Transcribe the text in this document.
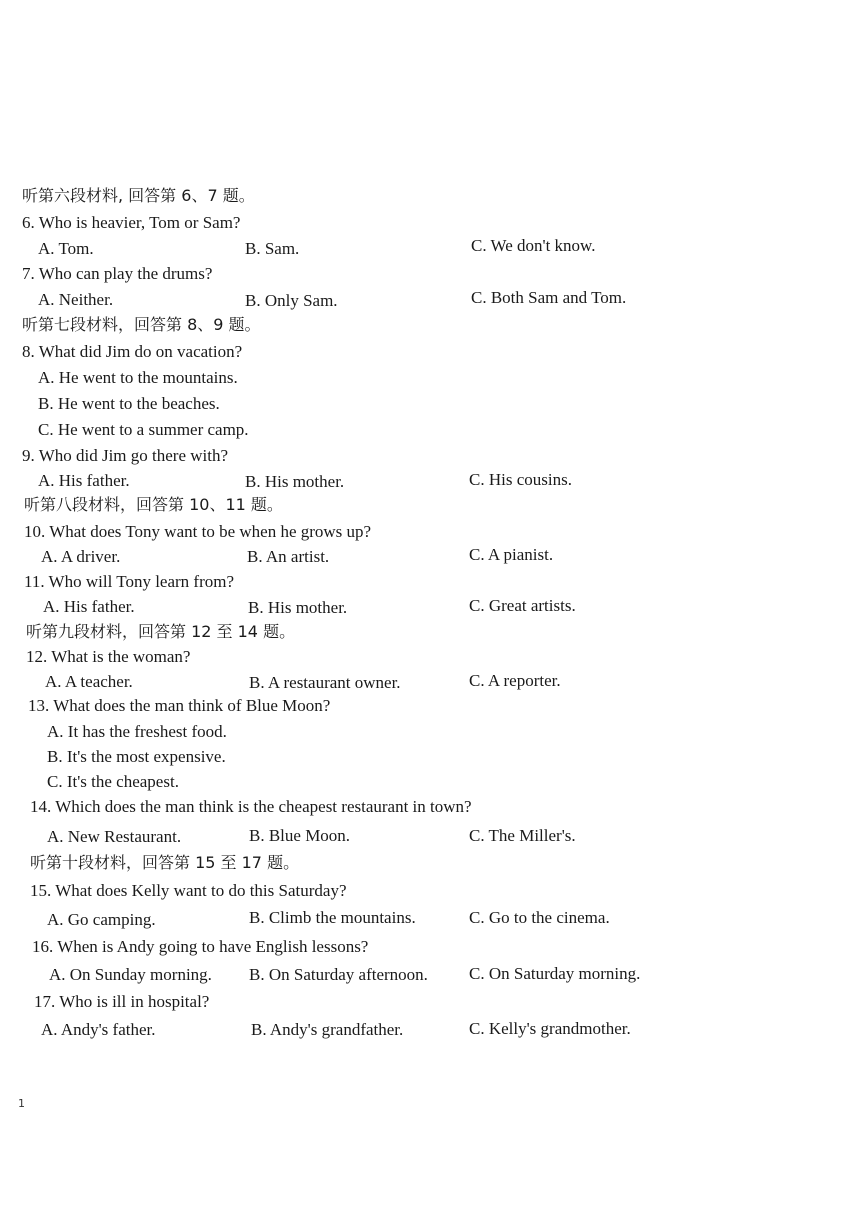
听第六段材料, 回答第 6、7 题。
6. Who is heavier, Tom or Sam?
A. Tom.	B. Sam.	C. We don't know.
7. Who can play the drums?
A. Neither.	B. Only Sam.	C. Both Sam and Tom.
听第七段材料，回答第 8、9 题。
8. What did Jim do on vacation?
A. He went to the mountains.
B. He went to the beaches.
C. He went to a summer camp.
9. Who did Jim go there with?
A. His father.	B. His mother.	C. His cousins.
听第八段材料，回答第 10、11 题。
10. What does Tony want to be when he grows up?
A. A driver.	B. An artist.	C. A pianist.
11. Who will Tony learn from?
A. His father.	B. His mother.	C. Great artists.
听第九段材料，回答第 12 至 14 题。
12. What is the woman?
A. A teacher.	B. A restaurant owner.	C. A reporter.
13. What does the man think of Blue Moon?
A. It has the freshest food.
B. It's the most expensive.
C. It's the cheapest.
14. Which does the man think is the cheapest restaurant in town?
A. New Restaurant.	B. Blue Moon.	C. The Miller's.
听第十段材料，回答第 15 至 17 题。
15. What does Kelly want to do this Saturday?
A. Go camping.	B. Climb the mountains.	C. Go to the cinema.
16. When is Andy going to have English lessons?
A. On Sunday morning. B. On Saturday afternoon. C. On Saturday morning.
17. Who is ill in hospital?
A. Andy's father.	B. Andy's grandfather.	C. Kelly's grandmother.
1
